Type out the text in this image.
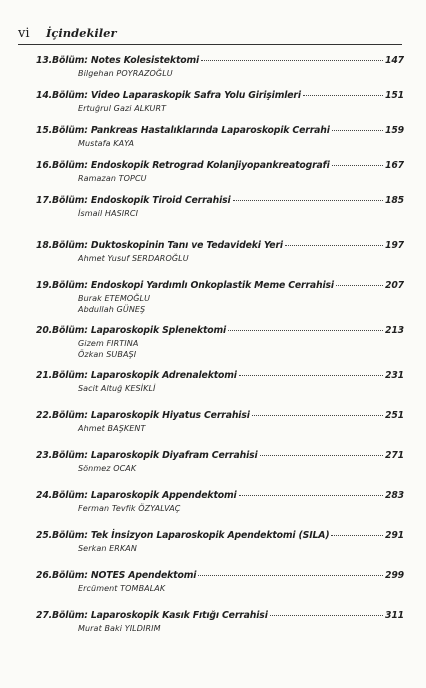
vi	İçindekiler
13.Bölüm: Notes Kolesistektomi	147
Bilgehan POYRAZOĞLU
14.Bölüm: Video Laparaskopik Safra Yolu Girişimleri	151
Ertuğrul Gazi ALKURT
15.Bölüm: Pankreas Hastalıklarında Laparoskopik Cerrahi	159
Mustafa KAYA
16.Bölüm: Endoskopik Retrograd Kolanjiyopankreatografi	167
Ramazan TOPCU
17.Bölüm: Endoskopik Tiroid Cerrahisi	185
İsmail HASIRCI
18.Bölüm: Duktoskopinin Tanı ve Tedavideki Yeri	197
Ahmet Yusuf SERDAROĞLU
19.Bölüm: Endoskopi Yardımlı Onkoplastik Meme Cerrahisi	207
Burak ETEMOĞLU
Abdullah GÜNEŞ
20.Bölüm: Laparoskopik Splenektomi	213
Gizem FIRTINA
Özkan SUBAŞI
21.Bölüm: Laparoskopik Adrenalektomi	231
Sacit Altuğ KESİKLİ
22.Bölüm: Laparoskopik Hiyatus Cerrahisi	251
Ahmet BAŞKENT
23.Bölüm: Laparoskopik Diyafram Cerrahisi	271
Sönmez OCAK
24.Bölüm: Laparoskopik Appendektomi	283
Ferman Tevfik ÖZYALVAÇ
25.Bölüm: Tek İnsizyon Laparoskopik Apendektomi (SILA)	291
Serkan ERKAN
26.Bölüm: NOTES Apendektomi	299
Ercüment TOMBALAK
27.Bölüm: Laparoskopik Kasık Fıtığı Cerrahisi	311
Murat Baki YILDIRIM
